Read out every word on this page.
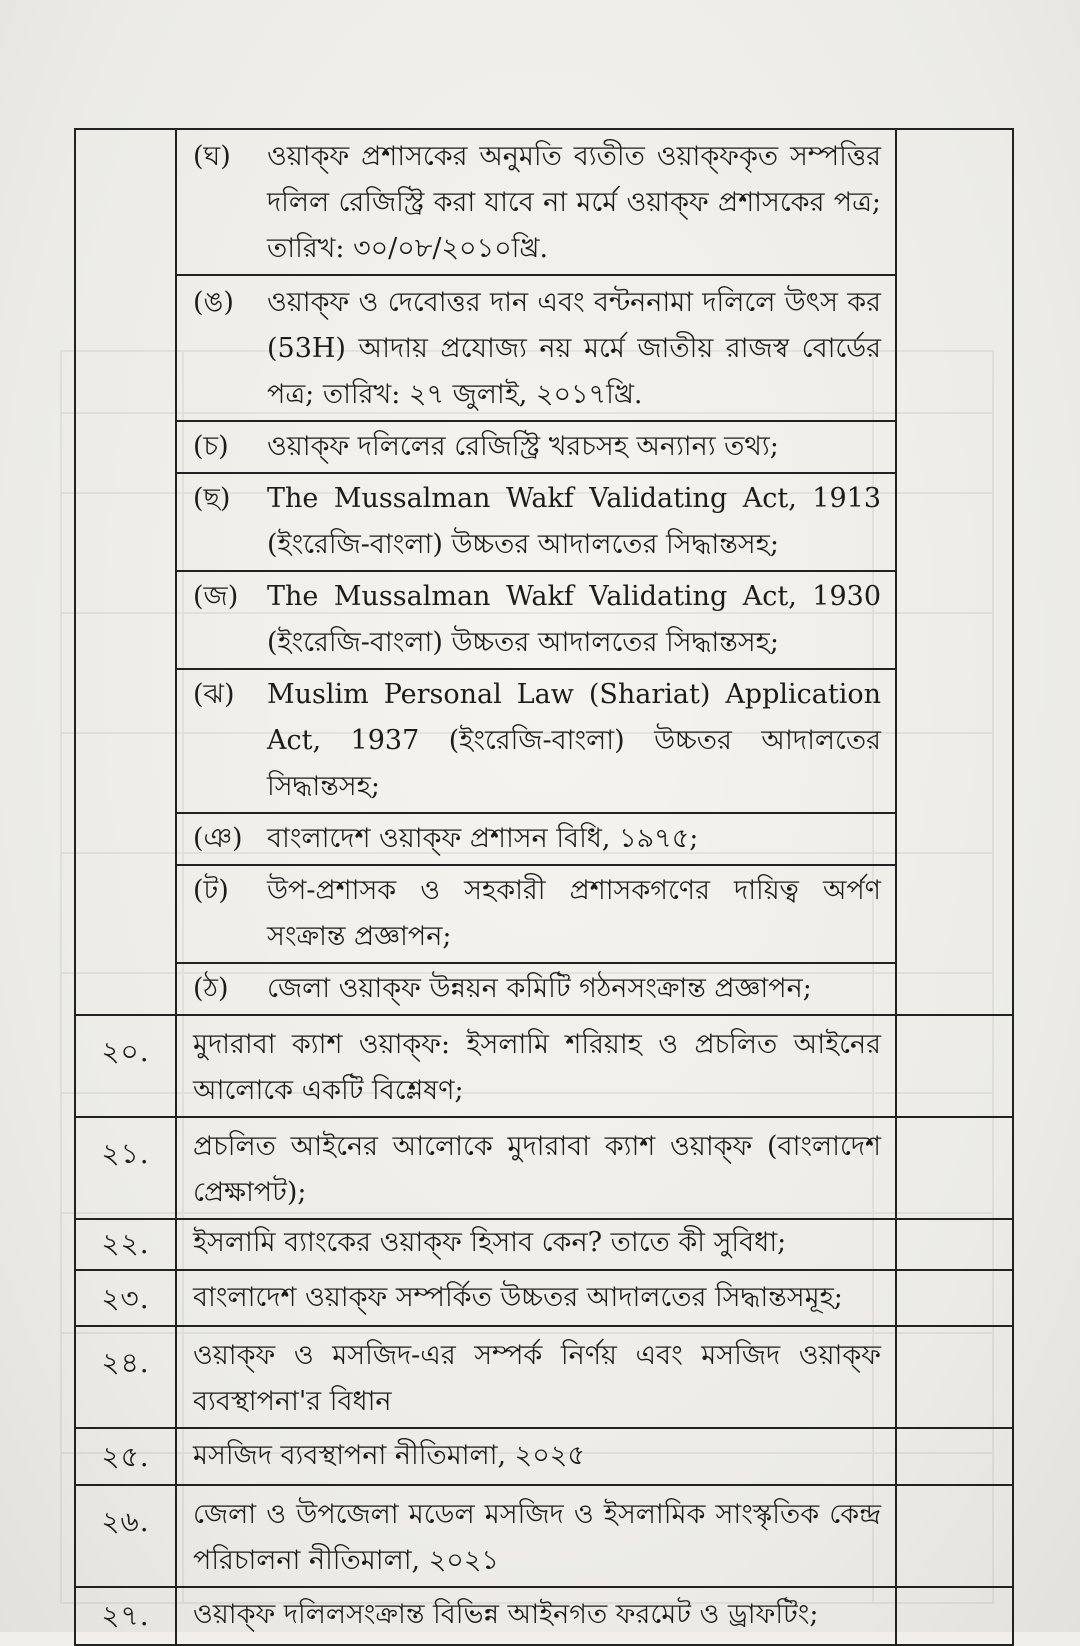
	(ঘ) ওয়াক্ফ প্রশাসকের অনুমতি ব্যতীত ওয়াক্ফকৃত সম্পত্তির দলিল রেজিস্ট্রি করা যাবে না মর্মে ওয়াক্ফ প্রশাসকের পত্র; তারিখ: ৩০/০৮/২০১০খ্রি.	

	(ঙ) ওয়াক্ফ ও দেবোত্তর দান এবং বন্টননামা দলিলে উৎস কর (53H) আদায় প্রযোজ্য নয় মর্মে জাতীয় রাজস্ব বোর্ডের পত্র; তারিখ: ২৭ জুলাই, ২০১৭খ্রি.	

	(চ) ওয়াক্ফ দলিলের রেজিস্ট্রি খরচসহ অন্যান্য তথ্য;	

	(ছ) The Mussalman Wakf Validating Act, 1913 (ইংরেজি-বাংলা) উচ্চতর আদালতের সিদ্ধান্তসহ;	

	(জ) The Mussalman Wakf Validating Act, 1930 (ইংরেজি-বাংলা) উচ্চতর আদালতের সিদ্ধান্তসহ;	

	(ঝ) Muslim Personal Law (Shariat) Application Act, 1937 (ইংরেজি-বাংলা) উচ্চতর আদালতের সিদ্ধান্তসহ;	

	(ঞ) বাংলাদেশ ওয়াক্ফ প্রশাসন বিধি, ১৯৭৫;	

	(ট) উপ-প্রশাসক ও সহকারী প্রশাসকগণের দায়িত্ব অর্পণ সংক্রান্ত প্রজ্ঞাপন;	

	(ঠ) জেলা ওয়াক্ফ উন্নয়ন কমিটি গঠনসংক্রান্ত প্রজ্ঞাপন;	

২০.	মুদারাবা ক্যাশ ওয়াক্ফ: ইসলামি শরিয়াহ ও প্রচলিত আইনের আলোকে একটি বিশ্লেষণ;	

২১.	প্রচলিত আইনের আলোকে মুদারাবা ক্যাশ ওয়াক্ফ (বাংলাদেশ প্রেক্ষাপট);	

২২.	ইসলামি ব্যাংকের ওয়াক্ফ হিসাব কেন? তাতে কী সুবিধা;	

২৩.	বাংলাদেশ ওয়াক্ফ সম্পর্কিত উচ্চতর আদালতের সিদ্ধান্তসমূহ;	

২৪.	ওয়াক্ফ ও মসজিদ-এর সম্পর্ক নির্ণয় এবং মসজিদ ওয়াক্ফ ব্যবস্থাপনা'র বিধান	

২৫.	মসজিদ ব্যবস্থাপনা নীতিমালা, ২০২৫	

২৬.	জেলা ও উপজেলা মডেল মসজিদ ও ইসলামিক সাংস্কৃতিক কেন্দ্র পরিচালনা নীতিমালা, ২০২১	

২৭.	ওয়াক্ফ দলিলসংক্রান্ত বিভিন্ন আইনগত ফরমেট ও ড্রাফটিং;	
